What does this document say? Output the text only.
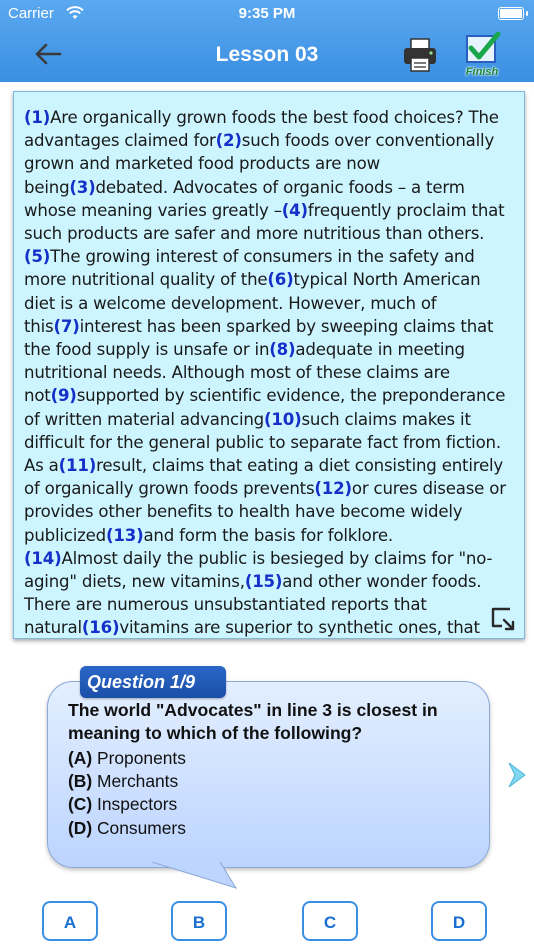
Carrier	9:35 PM
Lesson 03
Finish
(1)Are organically grown foods the best food choices? The advantages claimed for(2)such foods over conventionally grown and marketed food products are now being(3)debated. Advocates of organic foods – a term whose meaning varies greatly –(4)frequently proclaim that such products are safer and more nutritious than others.
(5)The growing interest of consumers in the safety and more nutritional quality of the(6)typical North American diet is a welcome development. However, much of this(7)interest has been sparked by sweeping claims that the food supply is unsafe or in(8)adequate in meeting nutritional needs. Although most of these claims are not(9)supported by scientific evidence, the preponderance of written material advancing(10)such claims makes it difficult for the general public to separate fact from fiction. As a(11)result, claims that eating a diet consisting entirely of organically grown foods prevents(12)or cures disease or provides other benefits to health have become widely publicized(13)and form the basis for folklore.
(14)Almost daily the public is besieged by claims for "no-aging" diets, new vitamins,(15)and other wonder foods. There are numerous unsubstantiated reports that natural(16)vitamins are superior to synthetic ones, that
Question 1/9
The world "Advocates" in line 3 is closest in meaning to which of the following?
(A) Proponents
(B) Merchants
(C) Inspectors
(D) Consumers
A	B	C	D
